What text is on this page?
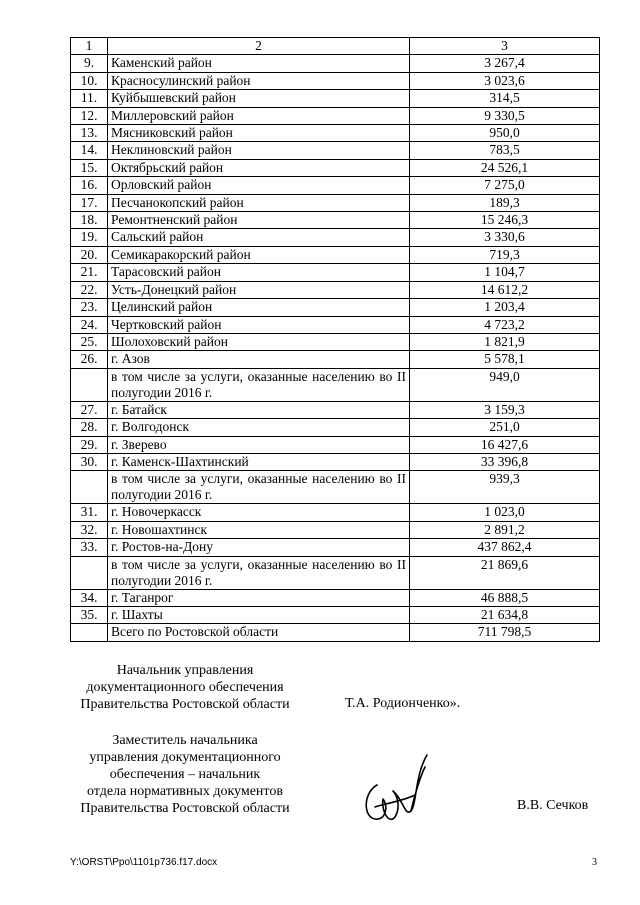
1	2	3
9.	Каменский район	3 267,4
10.	Красносулинский район	3 023,6
11.	Куйбышевский район	314,5
12.	Миллеровский район	9 330,5
13.	Мясниковский район	950,0
14.	Неклиновский район	783,5
15.	Октябрьский район	24 526,1
16.	Орловский район	7 275,0
17.	Песчанокопский район	189,3
18.	Ремонтненский район	15 246,3
19.	Сальский район	3 330,6
20.	Семикаракорский район	719,3
21.	Тарасовский район	1 104,7
22.	Усть-Донецкий район	14 612,2
23.	Целинский район	1 203,4
24.	Чертковский район	4 723,2
25.	Шолоховский район	1 821,9
26.	г. Азов	5 578,1
	в том числе за услуги, оказанные населению во II полугодии 2016 г.	949,0
27.	г. Батайск	3 159,3
28.	г. Волгодонск	251,0
29.	г. Зверево	16 427,6
30.	г. Каменск-Шахтинский	33 396,8
	в том числе за услуги, оказанные населению во II полугодии 2016 г.	939,3
31.	г. Новочеркасск	1 023,0
32.	г. Новошахтинск	2 891,2
33.	г. Ростов-на-Дону	437 862,4
	в том числе за услуги, оказанные населению во II полугодии 2016 г.	21 869,6
34.	г. Таганрог	46 888,5
35.	г. Шахты	21 634,8
	Всего по Ростовской области	711 798,5
Начальник управления
документационного обеспечения
Правительства Ростовской области	Т.А. Родионченко».
Заместитель начальника
управления документационного
обеспечения – начальник
отдела нормативных документов
Правительства Ростовской области	В.В. Сечков
Y:\ORST\Ppo\1101p736.f17.docx	3
